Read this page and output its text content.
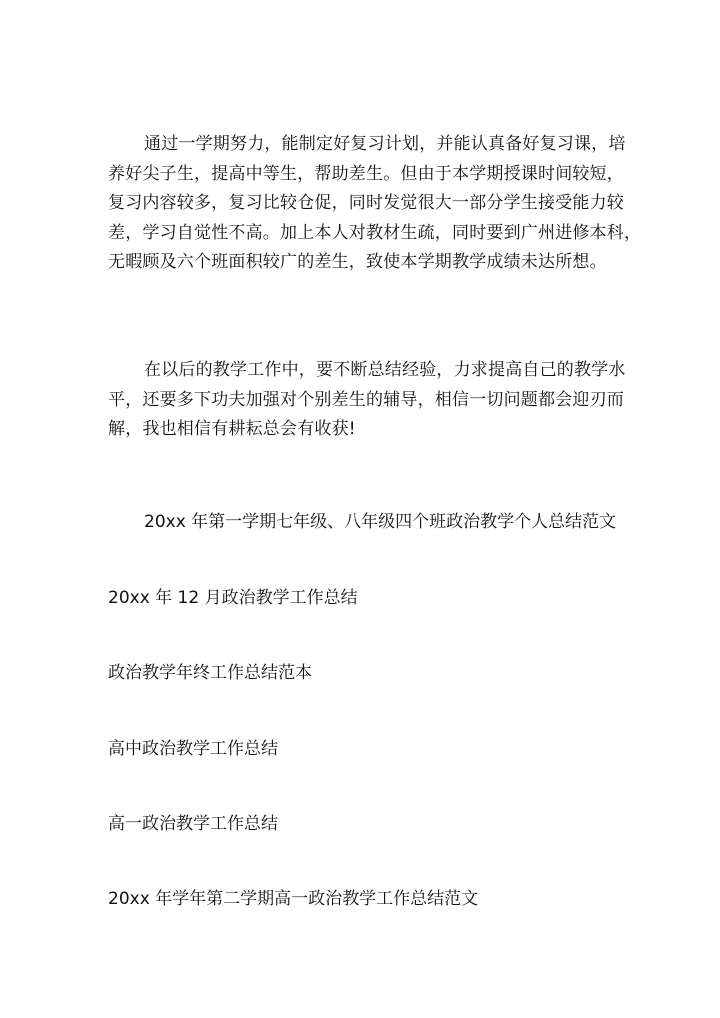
通过一学期努力，能制定好复习计划，并能认真备好复习课，培
养好尖子生，提高中等生，帮助差生。但由于本学期授课时间较短，
复习内容较多，复习比较仓促，同时发觉很大一部分学生接受能力较
差，学习自觉性不高。加上本人对教材生疏，同时要到广州进修本科，
无暇顾及六个班面积较广的差生，致使本学期教学成绩未达所想。

在以后的教学工作中，要不断总结经验，力求提高自己的教学水
平，还要多下功夫加强对个别差生的辅导，相信一切问题都会迎刃而
解，我也相信有耕耘总会有收获!

20xx 年第一学期七年级、八年级四个班政治教学个人总结范文

20xx 年 12 月政治教学工作总结

政治教学年终工作总结范本

高中政治教学工作总结

高一政治教学工作总结

20xx 年学年第二学期高一政治教学工作总结范文
